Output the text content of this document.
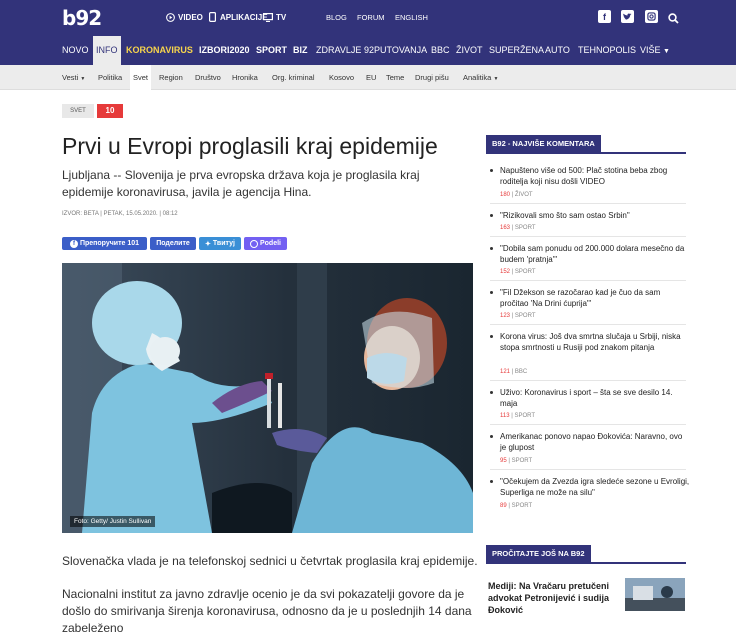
b92	VIDEO APLIKACIJE TV	BLOG FORUM ENGLISH	f
NOVO INFO KORONAVIRUS IZBORI2020 SPORT BIZ ZDRAVLJE 92PUTOVANJA BBC ŽIVOT SUPERŽENA AUTO TEHNOPOLIS VIŠE ▼
Vesti ▼ Politika	Svet	Region Društvo Hronika Org. kriminal Kosovo EU Teme Drugi pišu Analitika ▼
SVET	10
Prvi u Evropi proglasili kraj epidemije

Ljubljana -- Slovenija je prva evropska država koja je proglasila kraj epidemije koronavirusa, javila je agencija Hina.

IZVOR: BETA | PETAK, 15.05.2020. | 08:12
f Препоручите 101 Поделите ✦ Твитуј	Podeli
Foto: Getty/ Justin Sullivan

Slovenačka vlada je na telefonskoj sednici u četvrtak proglasila kraj epidemije.

Nacionalni institut za javno zdravlje ocenio je da svi pokazatelji govore da je došlo do smirivanja širenja koronavirusa, odnosno da je u poslednjih 14 dana zabeleženo

B92 - NAJVIŠE KOMENTARA
Napušteno više od 500: Plač stotina beba zbog roditelja koji nisu došli VIDEO
180 | ŽIVOT
"Rizikovali smo što sam ostao Srbin"
163 | SPORT
"Dobila sam ponudu od 200.000 dolara mesečno da budem 'pratnja'"
152 | SPORT
"Fil Džekson se razočarao kad je čuo da sam pročitao 'Na Drini ćuprija'"
123 | SPORT
Korona virus: Još dva smrtna slučaja u Srbiji, niska stopa smrtnosti u Rusiji pod znakom pitanja
121 | BBC
Uživo: Koronavirus i sport – šta se sve desilo 14. maja
113 | SPORT
Amerikanac ponovo napao Đokovića: Naravno, ovo je glupost
95 | SPORT
"Očekujem da Zvezda igra sledeće sezone u Evroligi, Superliga ne može na silu"
89 | SPORT
PROČITAJTE JOŠ NA B92
Mediji: Na Vračaru pretučeni advokat Petronijević i sudija Đoković
